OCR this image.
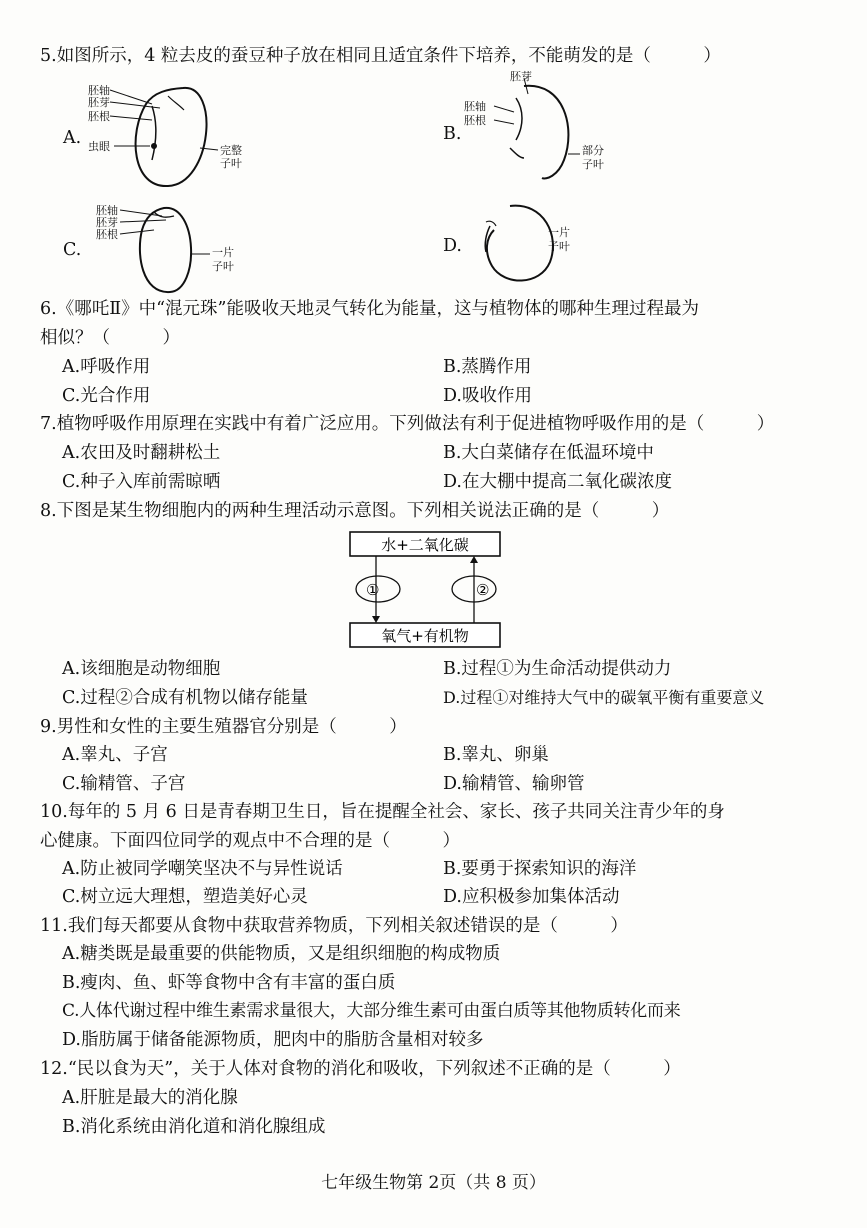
5.如图所示，4 粒去皮的蚕豆种子放在相同且适宜条件下培养，不能萌发的是（　　　）
A.
胚轴
胚芽
胚根
虫眼	完整
子叶
B.
胚芽
胚轴
胚根
部分
子叶
C.
胚轴
胚芽
胚根
一片
子叶
D.
一片
子叶
6.《哪吒Ⅱ》中“混元珠”能吸收天地灵气转化为能量，这与植物体的哪种生理过程最为
相似？（　　　）
A.呼吸作用	B.蒸腾作用
C.光合作用	D.吸收作用
7.植物呼吸作用原理在实践中有着广泛应用。下列做法有利于促进植物呼吸作用的是（　　　）
A.农田及时翻耕松土	B.大白菜储存在低温环境中
C.种子入库前需晾晒	D.在大棚中提高二氧化碳浓度
8.下图是某生物细胞内的两种生理活动示意图。下列相关说法正确的是（　　　）
水+二氧化碳
氧气+有机物
①	②
A.该细胞是动物细胞	B.过程①为生命活动提供动力
C.过程②合成有机物以储存能量	D.过程①对维持大气中的碳氧平衡有重要意义
9.男性和女性的主要生殖器官分别是（　　　）
A.睾丸、子宫	B.睾丸、卵巢
C.输精管、子宫	D.输精管、输卵管
10.每年的 5 月 6 日是青春期卫生日，旨在提醒全社会、家长、孩子共同关注青少年的身
心健康。下面四位同学的观点中不合理的是（　　　）
A.防止被同学嘲笑坚决不与异性说话	B.要勇于探索知识的海洋
C.树立远大理想，塑造美好心灵	D.应积极参加集体活动
11.我们每天都要从食物中获取营养物质，下列相关叙述错误的是（　　　）
A.糖类既是最重要的供能物质，又是组织细胞的构成物质
B.瘦肉、鱼、虾等食物中含有丰富的蛋白质
C.人体代谢过程中维生素需求量很大，大部分维生素可由蛋白质等其他物质转化而来
D.脂肪属于储备能源物质，肥肉中的脂肪含量相对较多
12.“民以食为天”，关于人体对食物的消化和吸收，下列叙述不正确的是（　　　）
A.肝脏是最大的消化腺
B.消化系统由消化道和消化腺组成
七年级生物第 2页（共 8 页）
